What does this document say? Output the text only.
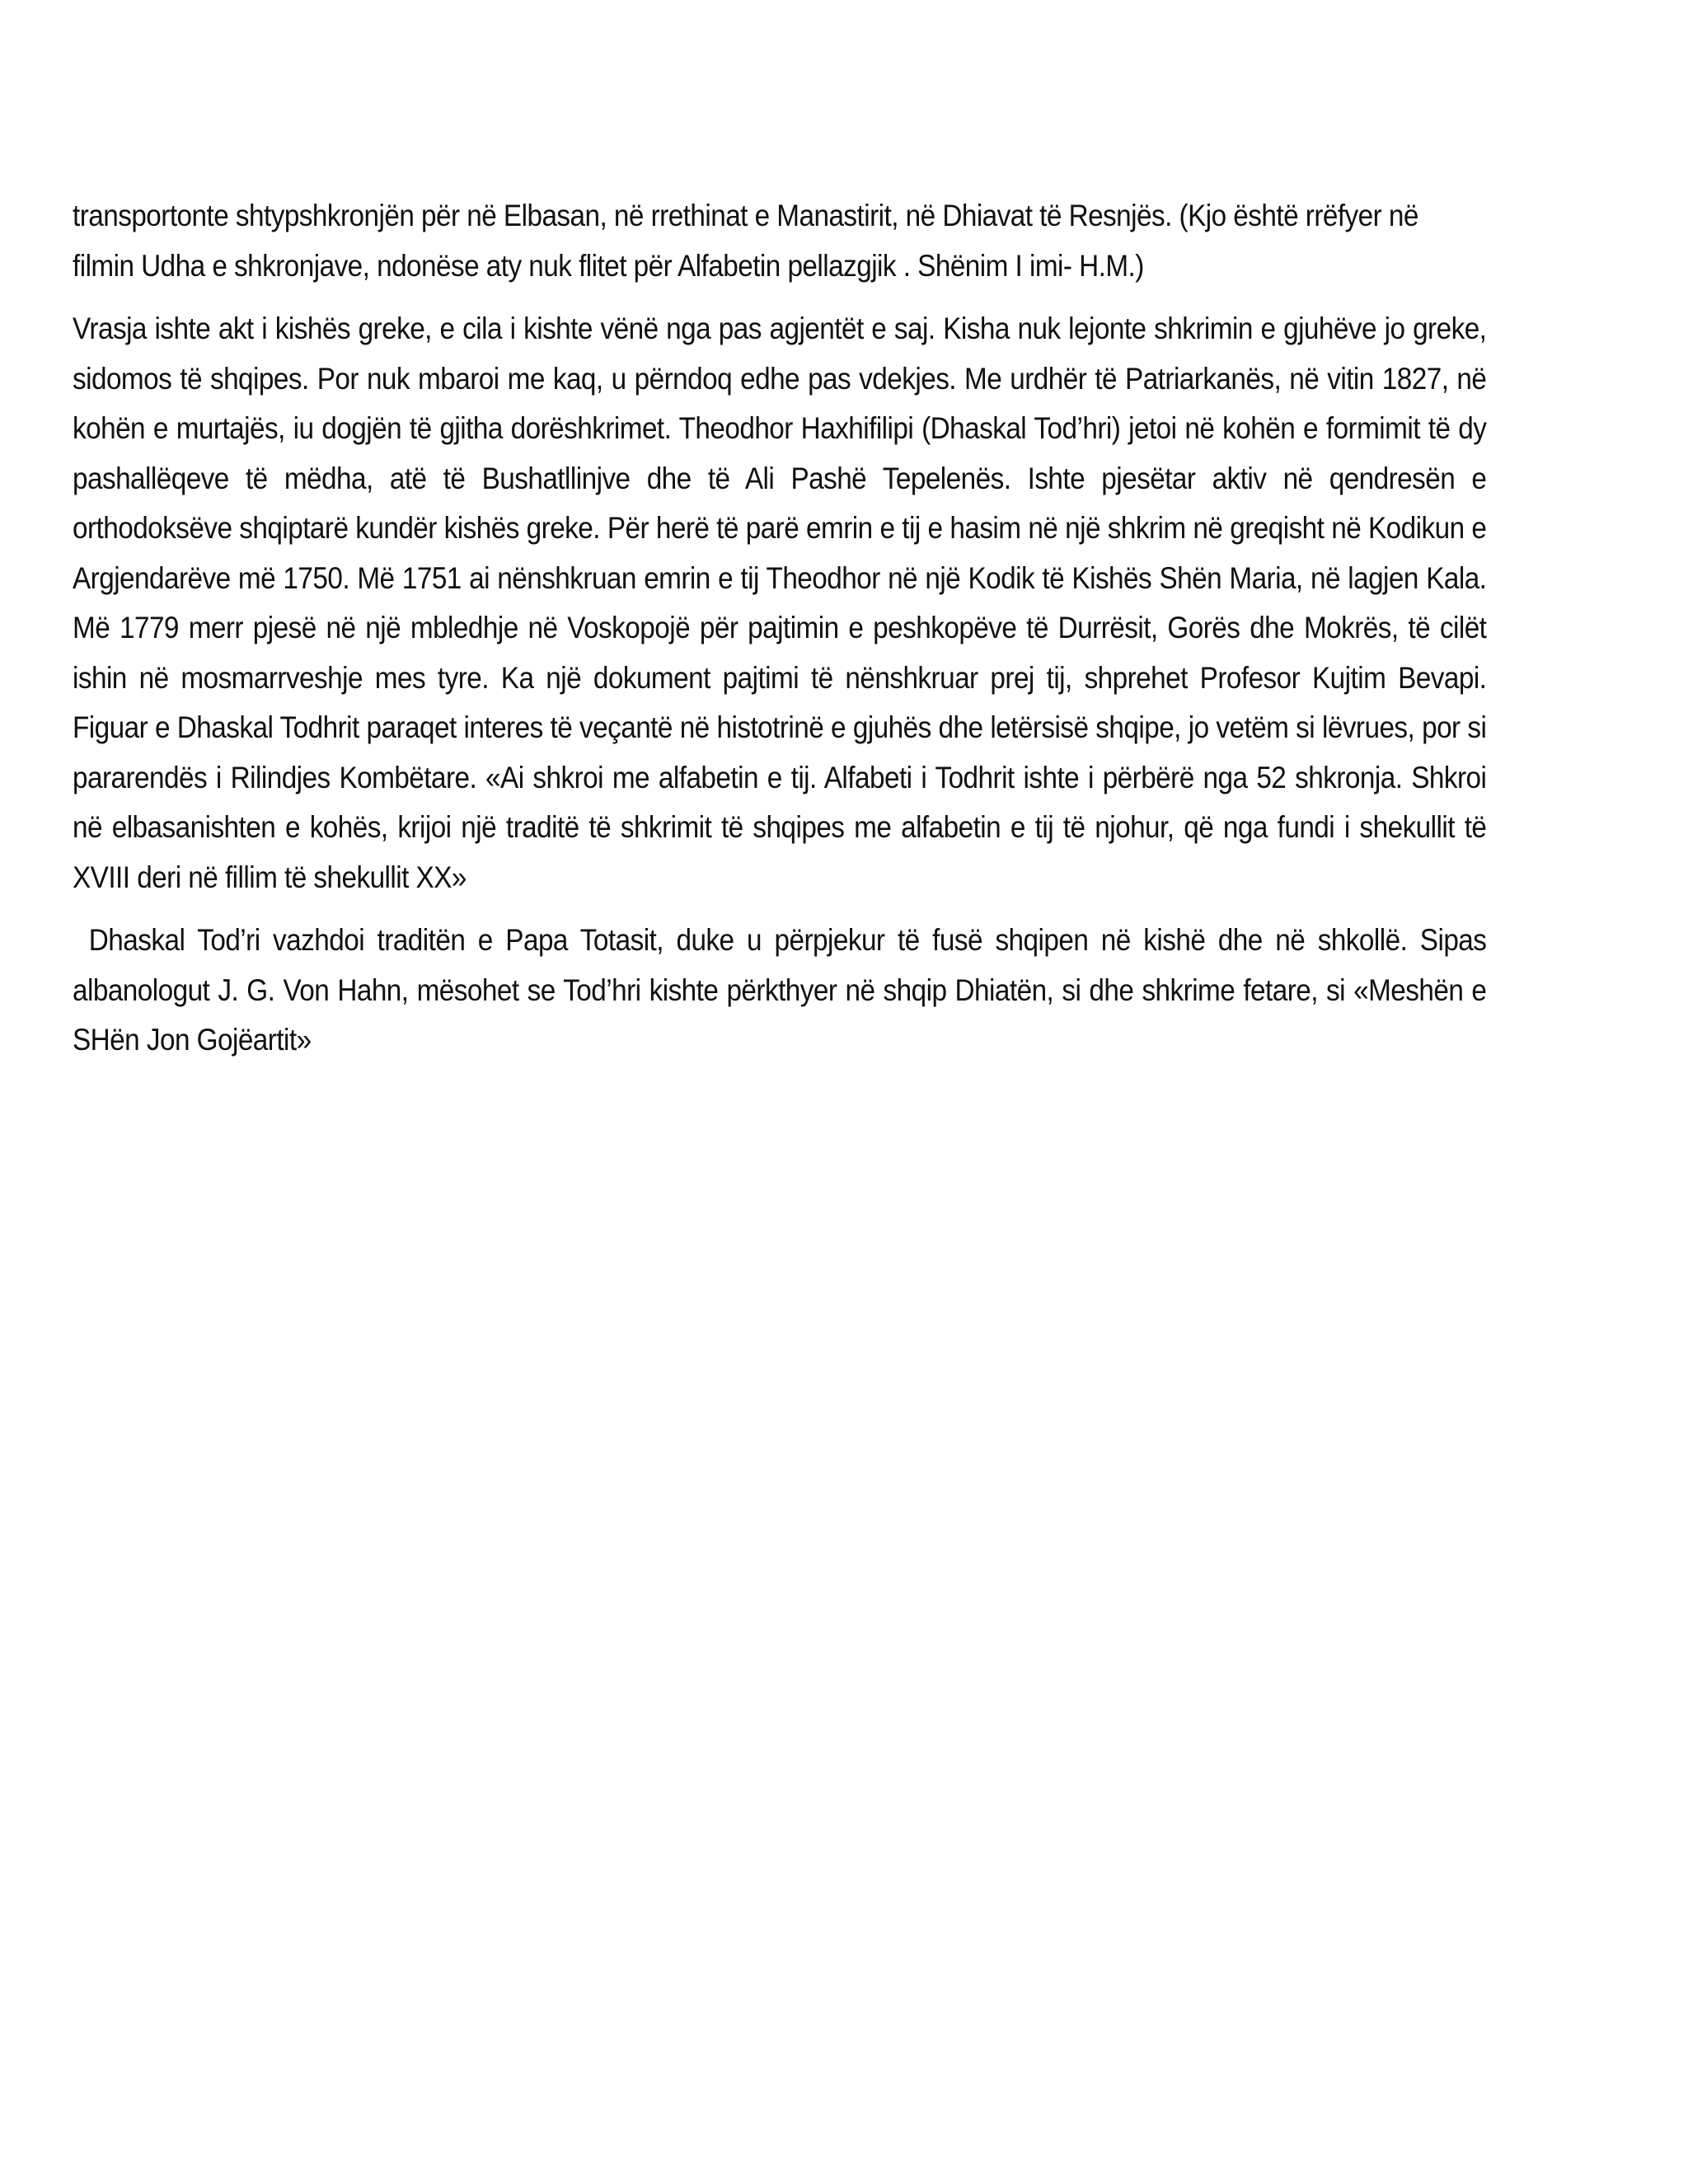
transportonte shtypshkronjën për në Elbasan, në rrethinat e Manastirit, në Dhiavat të Resnjës. (Kjo është rrëfyer në filmin Udha e shkronjave, ndonëse aty nuk flitet për Alfabetin pellazgjik . Shënim I imi- H.M.)

Vrasja ishte akt i kishës greke, e cila i kishte vënë nga pas agjentët e saj. Kisha nuk lejonte shkrimin e gjuhëve jo greke, sidomos të shqipes. Por nuk mbaroi me kaq, u përndoq edhe pas vdekjes. Me urdhër të Patriarkanës, në vitin 1827, në kohën e murtajës, iu dogjën të gjitha dorëshkrimet. Theodhor Haxhifilipi (Dhaskal Tod’hri) jetoi në kohën e formimit të dy pashallëqeve të mëdha, atë të Bushatllinjve dhe të Ali Pashë Tepelenës. Ishte pjesëtar aktiv në qendresën e orthodoksëve shqiptarë kundër kishës greke. Për herë të parë emrin e tij e hasim në një shkrim në greqisht në Kodikun e Argjendarëve më 1750. Më 1751 ai nënshkruan emrin e tij Theodhor në një Kodik të Kishës Shën Maria, në lagjen Kala. Më 1779 merr pjesë në një mbledhje në Voskopojë për pajtimin e peshkopëve të Durrësit, Gorës dhe Mokrës, të cilët ishin në mosmarrveshje mes tyre. Ka një dokument pajtimi të nënshkruar prej tij, shprehet Profesor Kujtim Bevapi. Figuar e Dhaskal Todhrit paraqet interes të veçantë në histotrinë e gjuhës dhe letërsisë shqipe, jo vetëm si lëvrues, por si pararendës i Rilindjes Kombëtare. «Ai shkroi me alfabetin e tij. Alfabeti i Todhrit ishte i përbërë nga 52 shkronja. Shkroi në elbasanishten e kohës, krijoi një traditë të shkrimit të shqipes me alfabetin e tij të njohur, që nga fundi i shekullit të XVIII deri në fillim të shekullit XX»

Dhaskal Tod’ri vazhdoi traditën e Papa Totasit, duke u përpjekur të fusë shqipen në kishë dhe në shkollë. Sipas albanologut J. G. Von Hahn, mësohet se Tod’hri kishte përkthyer në shqip Dhiatën, si dhe shkrime fetare, si «Meshën e SHën Jon Gojëartit»
